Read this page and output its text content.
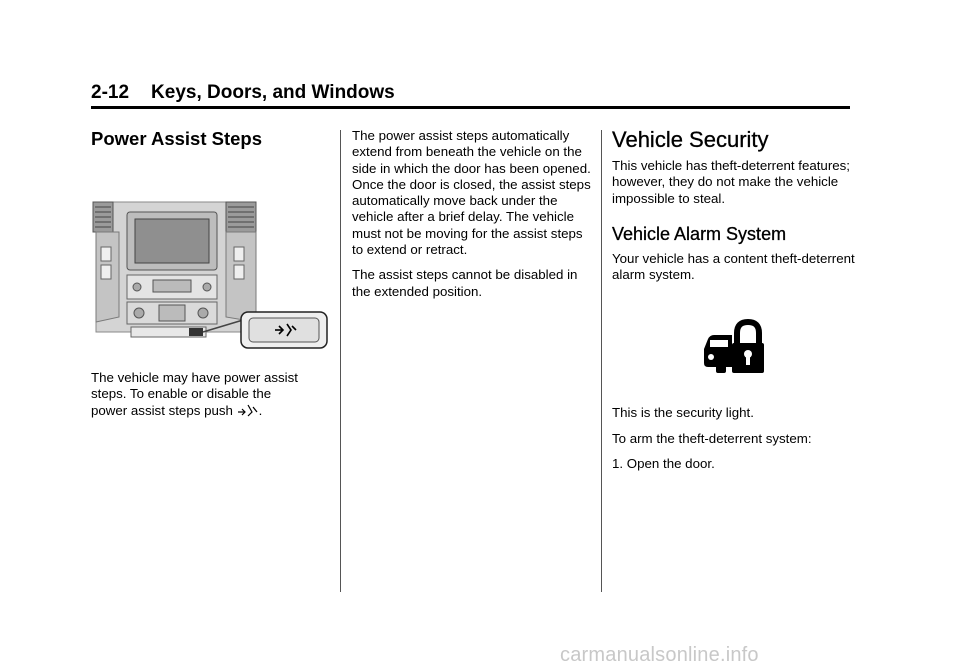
2-12 Keys, Doors, and Windows
Power Assist Steps

The vehicle may have power assist steps. To enable or disable the
power assist steps push .

The power assist steps automatically extend from beneath the vehicle on the side in which the door has been opened. Once the door is closed, the assist steps automatically move back under the vehicle after a brief delay. The vehicle must not be moving for the assist steps to extend or retract.

The assist steps cannot be disabled in the extended position.

Vehicle Security

This vehicle has theft-deterrent features; however, they do not make the vehicle impossible to steal.

Vehicle Alarm System

Your vehicle has a content theft-deterrent alarm system.

This is the security light.

To arm the theft-deterrent system:

1. Open the door.

carmanualsonline.info
